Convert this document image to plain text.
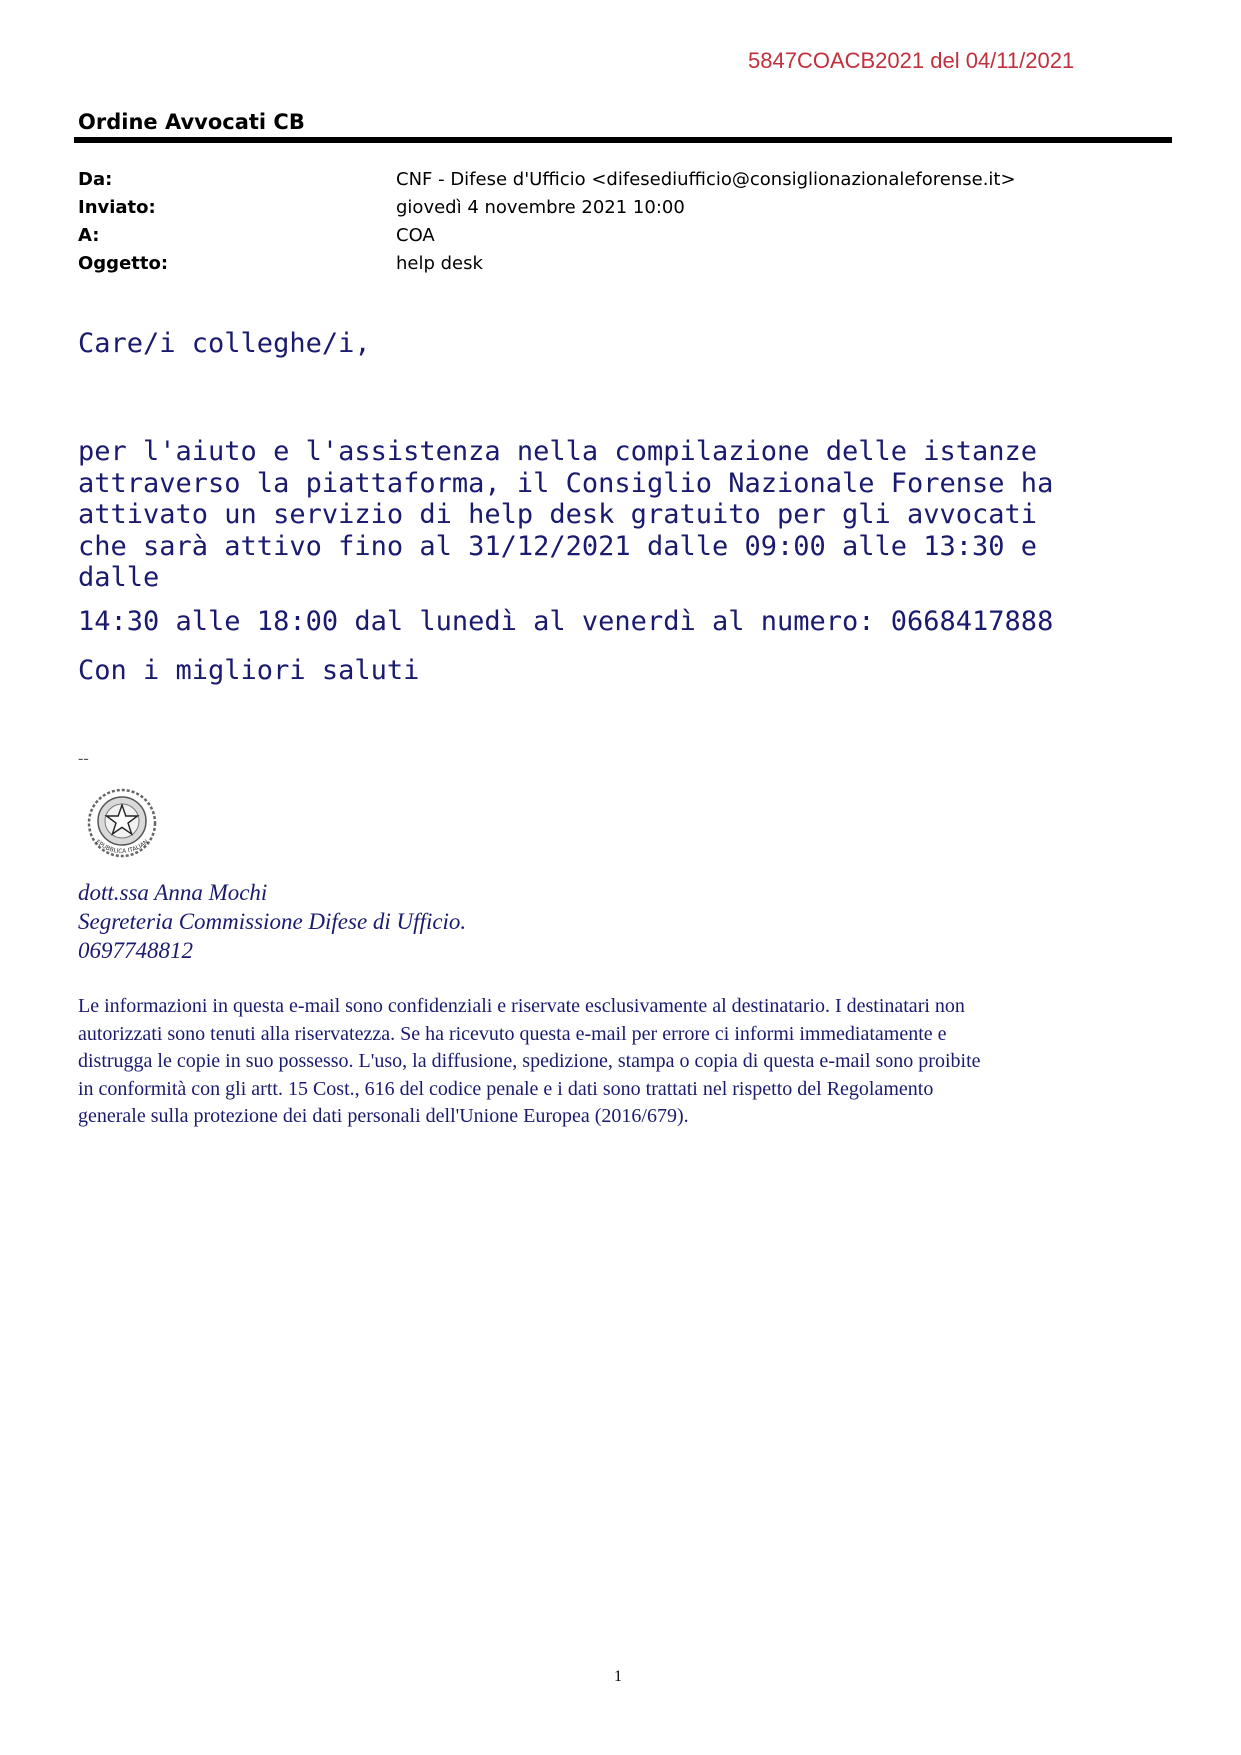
5847COACB2021 del 04/11/2021
Ordine Avvocati CB
Da:	CNF - Difese d'Ufficio <difesediufficio@consiglionazionaleforense.it>
Inviato:	giovedì 4 novembre 2021 10:00
A:	COA
Oggetto:	help desk
Care/i colleghe/i,
per l'aiuto e l'assistenza nella compilazione delle istanze
attraverso la piattaforma, il Consiglio Nazionale Forense ha
attivato un servizio di help desk gratuito per gli avvocati
che sarà attivo fino al 31/12/2021 dalle 09:00 alle 13:30 e
dalle
14:30 alle 18:00 dal lunedì al venerdì al numero: 0668417888
Con i migliori saluti
--
EPUBBLICA ITALIAN
dott.ssa Anna Mochi
Segreteria Commissione Difese di Ufficio.
0697748812
Le informazioni in questa e-mail sono confidenziali e riservate esclusivamente al destinatario. I destinatari non
autorizzati sono tenuti alla riservatezza. Se ha ricevuto questa e-mail per errore ci informi immediatamente e
distrugga le copie in suo possesso. L'uso, la diffusione, spedizione, stampa o copia di questa e-mail sono proibite
in conformità con gli artt. 15 Cost., 616 del codice penale e i dati sono trattati nel rispetto del Regolamento
generale sulla protezione dei dati personali dell'Unione Europea (2016/679).
1
